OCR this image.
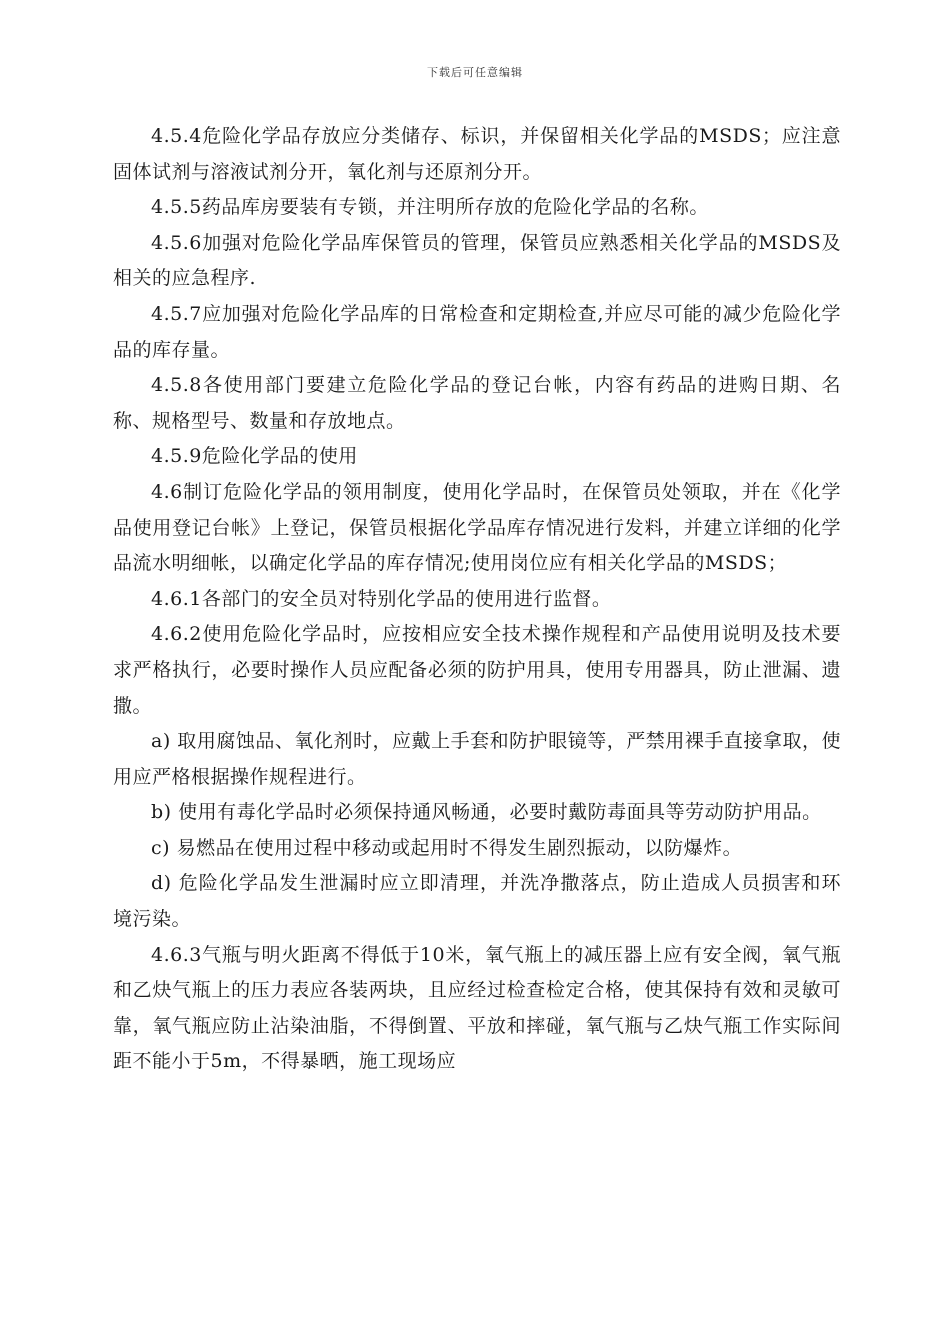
下载后可任意编辑

4.5.4危险化学品存放应分类储存、标识，并保留相关化学品的MSDS；应注意固体试剂与溶液试剂分开，氧化剂与还原剂分开。

4.5.5药品库房要装有专锁，并注明所存放的危险化学品的名称。

4.5.6加强对危险化学品库保管员的管理，保管员应熟悉相关化学品的MSDS及相关的应急程序.

4.5.7应加强对危险化学品库的日常检查和定期检查,并应尽可能的减少危险化学品的库存量。

4.5.8各使用部门要建立危险化学品的登记台帐，内容有药品的进购日期、名称、规格型号、数量和存放地点。

4.5.9危险化学品的使用

4.6制订危险化学品的领用制度，使用化学品时，在保管员处领取，并在《化学品使用登记台帐》上登记，保管员根据化学品库存情况进行发料，并建立详细的化学品流水明细帐，以确定化学品的库存情况;使用岗位应有相关化学品的MSDS；

4.6.1各部门的安全员对特别化学品的使用进行监督。

4.6.2使用危险化学品时，应按相应安全技术操作规程和产品使用说明及技术要求严格执行，必要时操作人员应配备必须的防护用具，使用专用器具，防止泄漏、遗撒。

a) 取用腐蚀品、氧化剂时，应戴上手套和防护眼镜等，严禁用裸手直接拿取，使用应严格根据操作规程进行。

b) 使用有毒化学品时必须保持通风畅通，必要时戴防毒面具等劳动防护用品。

c) 易燃品在使用过程中移动或起用时不得发生剧烈振动，以防爆炸。

d) 危险化学品发生泄漏时应立即清理，并洗净撒落点，防止造成人员损害和环境污染。

4.6.3气瓶与明火距离不得低于10米，氧气瓶上的减压器上应有安全阀，氧气瓶和乙炔气瓶上的压力表应各装两块，且应经过检查检定合格，使其保持有效和灵敏可靠，氧气瓶应防止沾染油脂，不得倒置、平放和摔碰，氧气瓶与乙炔气瓶工作实际间距不能小于5m，不得暴晒，施工现场应
